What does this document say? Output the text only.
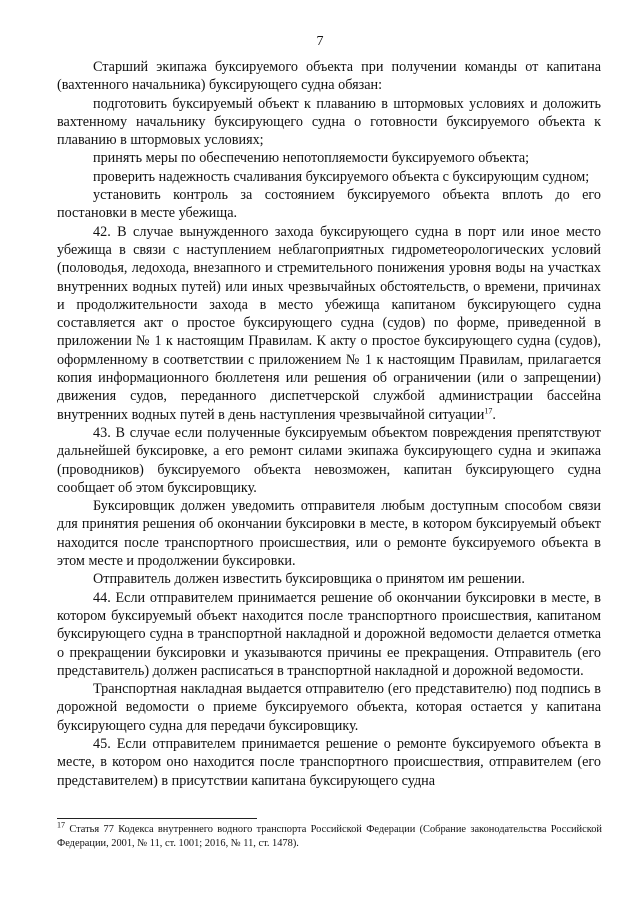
7

Старший экипажа буксируемого объекта при получении команды от капитана (вахтенного начальника) буксирующего судна обязан:

подготовить буксируемый объект к плаванию в штормовых условиях и доложить вахтенному начальнику буксирующего судна о готовности буксируемого объекта к плаванию в штормовых условиях;

принять меры по обеспечению непотопляемости буксируемого объекта;

проверить надежность счаливания буксируемого объекта с буксирующим судном;

установить контроль за состоянием буксируемого объекта вплоть до его постановки в месте убежища.

42. В случае вынужденного захода буксирующего судна в порт или иное место убежища в связи с наступлением неблагоприятных гидрометеорологических условий (половодья, ледохода, внезапного и стремительного понижения уровня воды на участках внутренних водных путей) или иных чрезвычайных обстоятельств, о времени, причинах и продолжительности захода в место убежища капитаном буксирующего судна составляется акт о простое буксирующего судна (судов) по форме, приведенной в приложении № 1 к настоящим Правилам. К акту о простое буксирующего судна (судов), оформленному в соответствии с приложением № 1 к настоящим Правилам, прилагается копия информационного бюллетеня или решения об ограничении (или о запрещении) движения судов, переданного диспетчерской службой администрации бассейна внутренних водных путей в день наступления чрезвычайной ситуации$^{17}$.

43. В случае если полученные буксируемым объектом повреждения препятствуют дальнейшей буксировке, а его ремонт силами экипажа буксирующего судна и экипажа (проводников) буксируемого объекта невозможен, капитан буксирующего судна сообщает об этом буксировщику.

Буксировщик должен уведомить отправителя любым доступным способом связи для принятия решения об окончании буксировки в месте, в котором буксируемый объект находится после транспортного происшествия, или о ремонте буксируемого объекта в этом месте и продолжении буксировки.

Отправитель должен известить буксировщика о принятом им решении.

44. Если отправителем принимается решение об окончании буксировки в месте, в котором буксируемый объект находится после транспортного происшествия, капитаном буксирующего судна в транспортной накладной и дорожной ведомости делается отметка о прекращении буксировки и указываются причины ее прекращения. Отправитель (его представитель) должен расписаться в транспортной накладной и дорожной ведомости.

Транспортная накладная выдается отправителю (его представителю) под подпись в дорожной ведомости о приеме буксируемого объекта, которая остается у капитана буксирующего судна для передачи буксировщику.

45. Если отправителем принимается решение о ремонте буксируемого объекта в месте, в котором оно находится после транспортного происшествия, отправителем (его представителем) в присутствии капитана буксирующего судна

$^{17}$ Статья 77 Кодекса внутреннего водного транспорта Российской Федерации (Собрание законодательства Российской Федерации, 2001, № 11, ст. 1001; 2016, № 11, ст. 1478).
